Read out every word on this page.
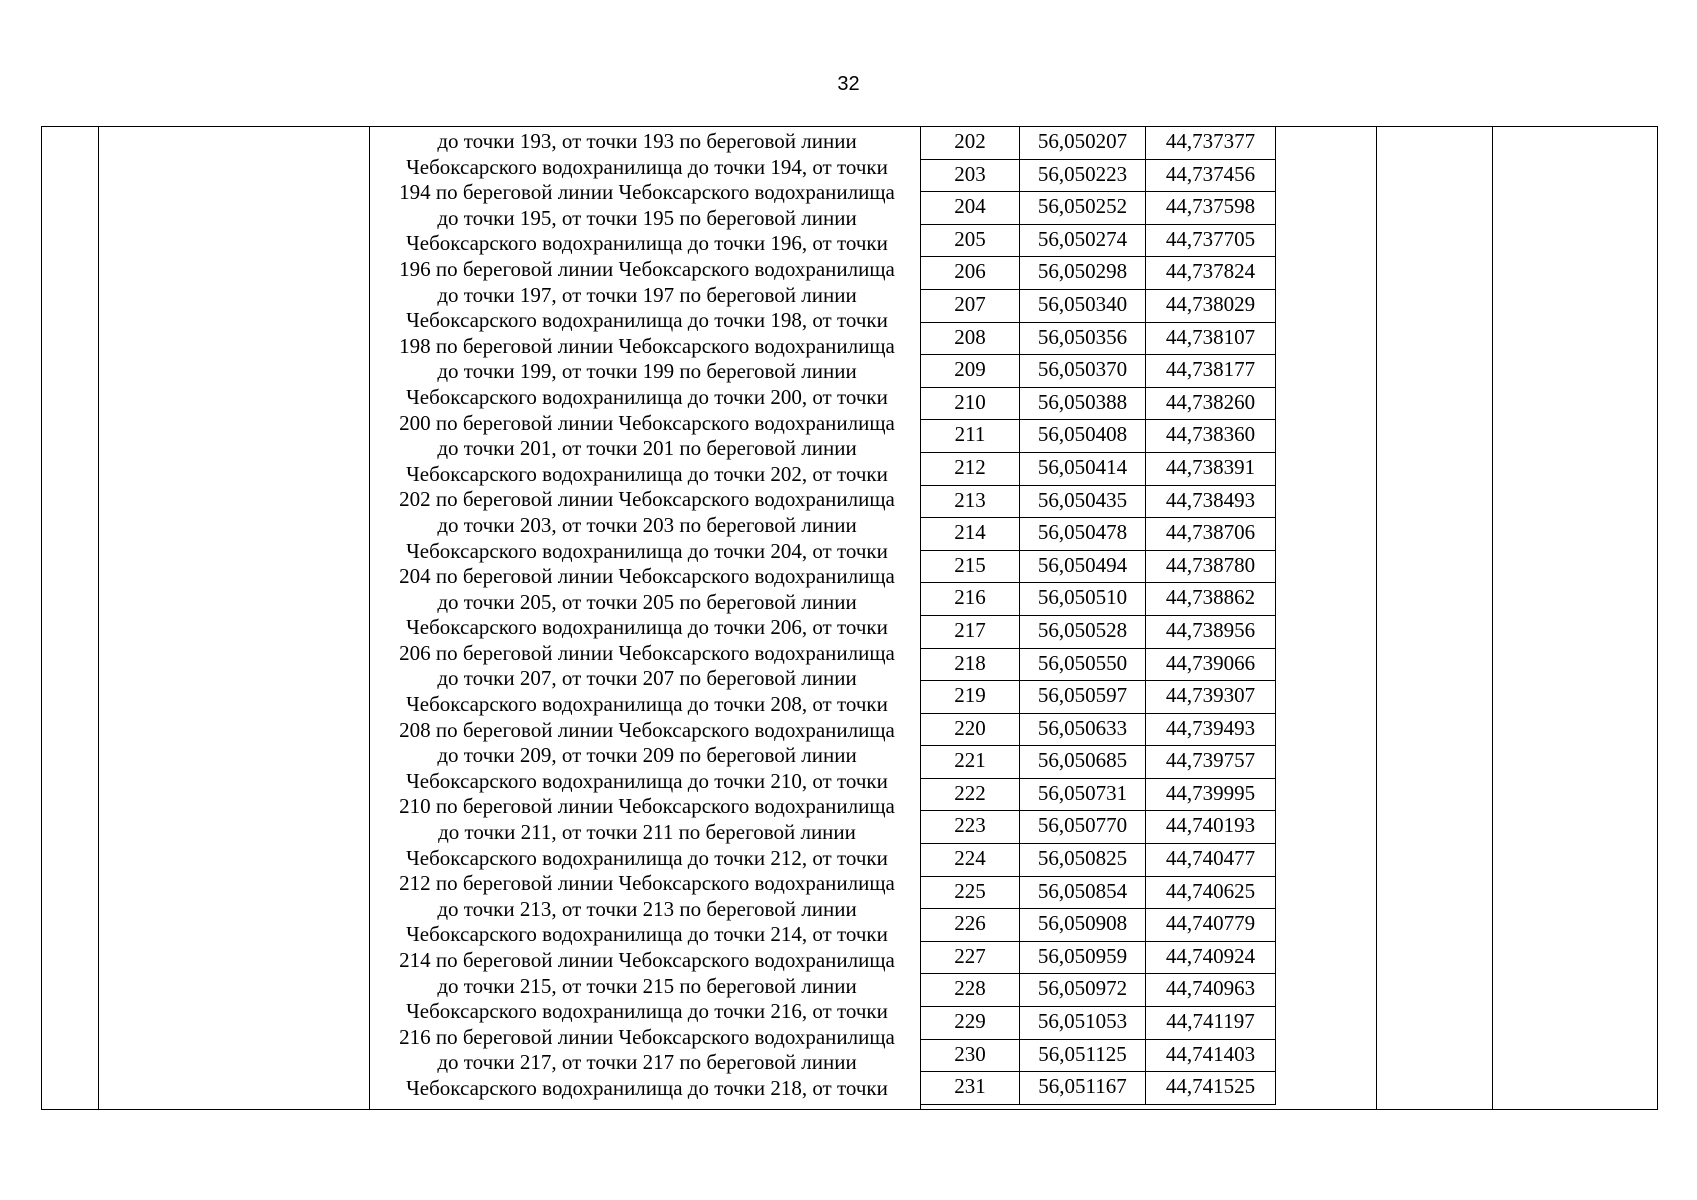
32
до точки 193, от точки 193 по береговой линии
Чебоксарского водохранилища до точки 194, от точки
194 по береговой линии Чебоксарского водохранилища
до точки 195, от точки 195 по береговой линии
Чебоксарского водохранилища до точки 196, от точки
196 по береговой линии Чебоксарского водохранилища
до точки 197, от точки 197 по береговой линии
Чебоксарского водохранилища до точки 198, от точки
198 по береговой линии Чебоксарского водохранилища
до точки 199, от точки 199 по береговой линии
Чебоксарского водохранилища до точки 200, от точки
200 по береговой линии Чебоксарского водохранилища
до точки 201, от точки 201 по береговой линии
Чебоксарского водохранилища до точки 202, от точки
202 по береговой линии Чебоксарского водохранилища
до точки 203, от точки 203 по береговой линии
Чебоксарского водохранилища до точки 204, от точки
204 по береговой линии Чебоксарского водохранилища
до точки 205, от точки 205 по береговой линии
Чебоксарского водохранилища до точки 206, от точки
206 по береговой линии Чебоксарского водохранилища
до точки 207, от точки 207 по береговой линии
Чебоксарского водохранилища до точки 208, от точки
208 по береговой линии Чебоксарского водохранилища
до точки 209, от точки 209 по береговой линии
Чебоксарского водохранилища до точки 210, от точки
210 по береговой линии Чебоксарского водохранилища
до точки 211, от точки 211 по береговой линии
Чебоксарского водохранилища до точки 212, от точки
212 по береговой линии Чебоксарского водохранилища
до точки 213, от точки 213 по береговой линии
Чебоксарского водохранилища до точки 214, от точки
214 по береговой линии Чебоксарского водохранилища
до точки 215, от точки 215 по береговой линии
Чебоксарского водохранилища до точки 216, от точки
216 по береговой линии Чебоксарского водохранилища
до точки 217, от точки 217 по береговой линии
Чебоксарского водохранилища до точки 218, от точки
202	56,050207	44,737377
203	56,050223	44,737456
204	56,050252	44,737598
205	56,050274	44,737705
206	56,050298	44,737824
207	56,050340	44,738029
208	56,050356	44,738107
209	56,050370	44,738177
210	56,050388	44,738260
211	56,050408	44,738360
212	56,050414	44,738391
213	56,050435	44,738493
214	56,050478	44,738706
215	56,050494	44,738780
216	56,050510	44,738862
217	56,050528	44,738956
218	56,050550	44,739066
219	56,050597	44,739307
220	56,050633	44,739493
221	56,050685	44,739757
222	56,050731	44,739995
223	56,050770	44,740193
224	56,050825	44,740477
225	56,050854	44,740625
226	56,050908	44,740779
227	56,050959	44,740924
228	56,050972	44,740963
229	56,051053	44,741197
230	56,051125	44,741403
231	56,051167	44,741525
